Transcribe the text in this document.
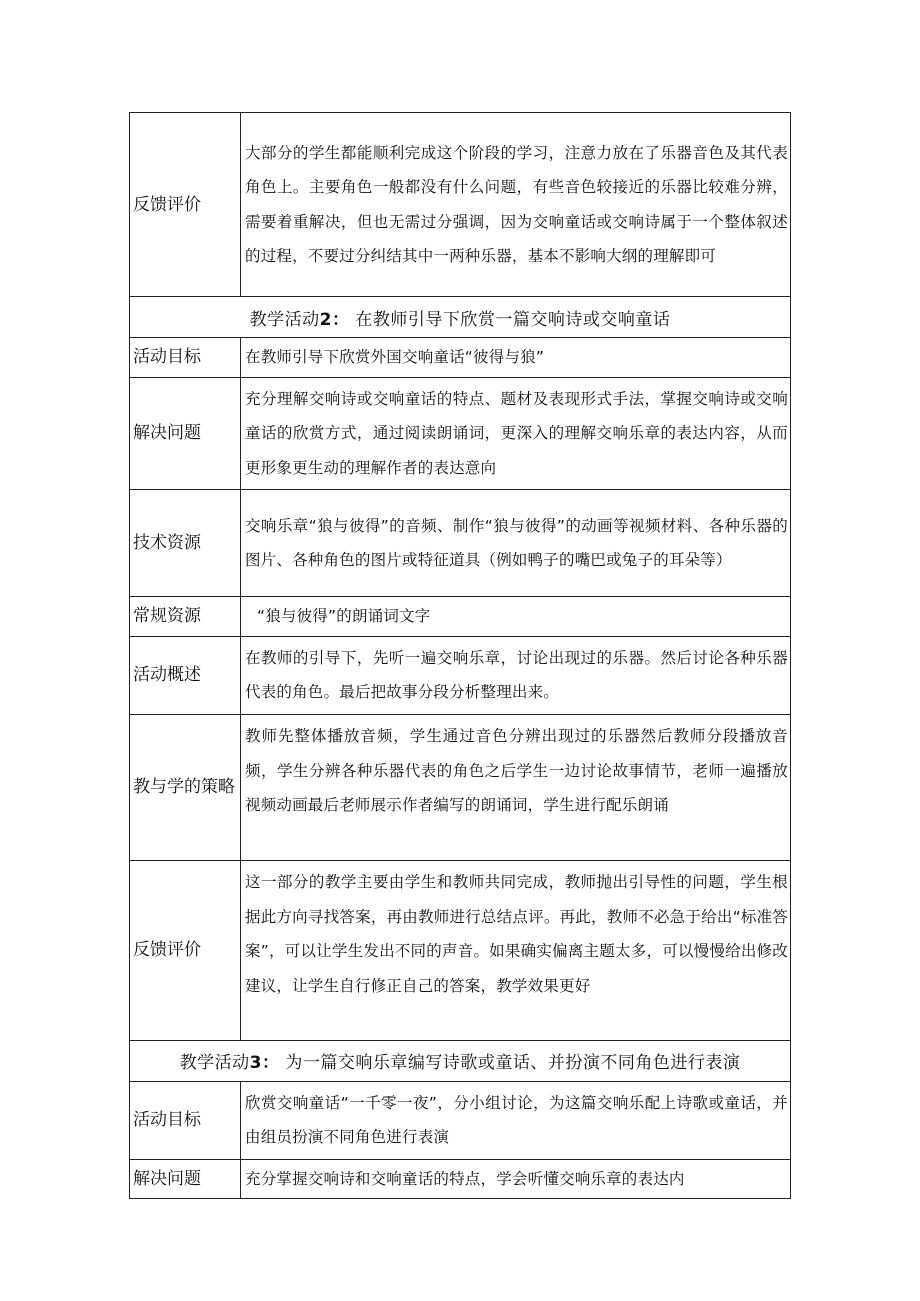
反馈评价	大部分的学生都能顺利完成这个阶段的学习，注意力放在了乐器音色及其代表角色上。主要角色一般都没有什么问题，有些音色较接近的乐器比较难分辨，需要着重解决，但也无需过分强调，因为交响童话或交响诗属于一个整体叙述的过程，不要过分纠结其中一两种乐器，基本不影响大纲的理解即可
教学活动2： 在教师引导下欣赏一篇交响诗或交响童话	
活动目标	在教师引导下欣赏外国交响童话“彼得与狼”
解决问题	充分理解交响诗或交响童话的特点、题材及表现形式手法，掌握交响诗或交响童话的欣赏方式，通过阅读朗诵词，更深入的理解交响乐章的表达内容，从而更形象更生动的理解作者的表达意向
技术资源	交响乐章“狼与彼得”的音频、制作“狼与彼得”的动画等视频材料、各种乐器的图片、各种角色的图片或特征道具（例如鸭子的嘴巴或兔子的耳朵等）
常规资源	“狼与彼得”的朗诵词文字
活动概述	在教师的引导下，先听一遍交响乐章，讨论出现过的乐器。然后讨论各种乐器代表的角色。最后把故事分段分析整理出来。
教与学的策略	教师先整体播放音频，学生通过音色分辨出现过的乐器然后教师分段播放音频，学生分辨各种乐器代表的角色之后学生一边讨论故事情节，老师一遍播放视频动画最后老师展示作者编写的朗诵词，学生进行配乐朗诵
反馈评价	这一部分的教学主要由学生和教师共同完成，教师抛出引导性的问题，学生根据此方向寻找答案，再由教师进行总结点评。再此，教师不必急于给出“标准答案”，可以让学生发出不同的声音。如果确实偏离主题太多，可以慢慢给出修改建议，让学生自行修正自己的答案，教学效果更好
教学活动3： 为一篇交响乐章编写诗歌或童话、并扮演不同角色进行表演	
活动目标	欣赏交响童话“一千零一夜”，分小组讨论，为这篇交响乐配上诗歌或童话，并由组员扮演不同角色进行表演
解决问题	充分掌握交响诗和交响童话的特点，学会听懂交响乐章的表达内
